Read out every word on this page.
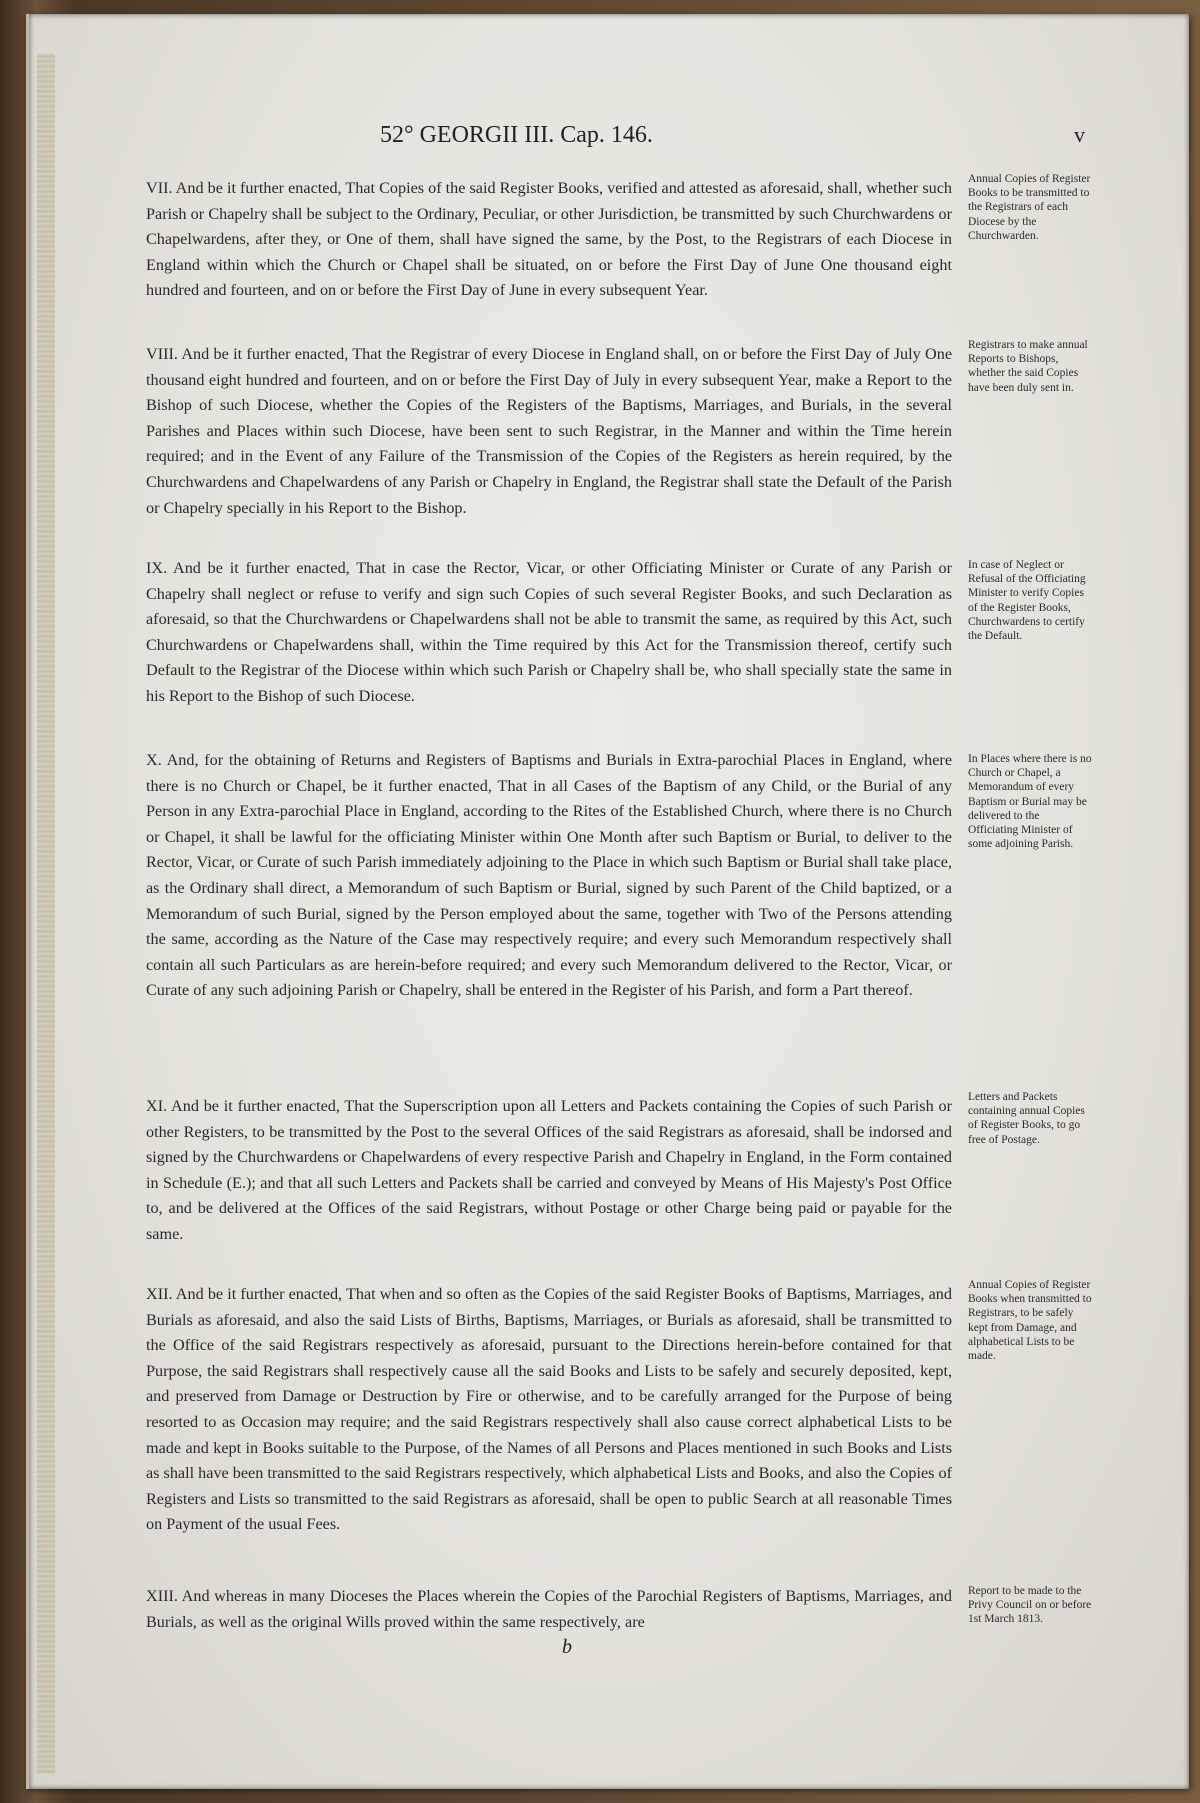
52° GEORGII III. Cap. 146.	v
VII. And be it further enacted, That Copies of the said Register Books, verified and attested as aforesaid, shall, whether such Parish or Chapelry shall be subject to the Ordinary, Peculiar, or other Jurisdiction, be transmitted by such Churchwardens or Chapelwardens, after they, or One of them, shall have signed the same, by the Post, to the Registrars of each Diocese in England within which the Church or Chapel shall be situated, on or before the First Day of June One thousand eight hundred and fourteen, and on or before the First Day of June in every subsequent Year.
Annual Copies of Register Books to be transmitted to the Registrars of each Diocese by the Churchwarden.
VIII. And be it further enacted, That the Registrar of every Diocese in England shall, on or before the First Day of July One thousand eight hundred and fourteen, and on or before the First Day of July in every subsequent Year, make a Report to the Bishop of such Diocese, whether the Copies of the Registers of the Baptisms, Marriages, and Burials, in the several Parishes and Places within such Diocese, have been sent to such Registrar, in the Manner and within the Time herein required; and in the Event of any Failure of the Transmission of the Copies of the Registers as herein required, by the Churchwardens and Chapelwardens of any Parish or Chapelry in England, the Registrar shall state the Default of the Parish or Chapelry specially in his Report to the Bishop.
Registrars to make annual Reports to Bishops, whether the said Copies have been duly sent in.
IX. And be it further enacted, That in case the Rector, Vicar, or other Officiating Minister or Curate of any Parish or Chapelry shall neglect or refuse to verify and sign such Copies of such several Register Books, and such Declaration as aforesaid, so that the Churchwardens or Chapelwardens shall not be able to transmit the same, as required by this Act, such Churchwardens or Chapelwardens shall, within the Time required by this Act for the Transmission thereof, certify such Default to the Registrar of the Diocese within which such Parish or Chapelry shall be, who shall specially state the same in his Report to the Bishop of such Diocese.
In case of Neglect or Refusal of the Officiating Minister to verify Copies of the Register Books, Churchwardens to certify the Default.
X. And, for the obtaining of Returns and Registers of Baptisms and Burials in Extra-parochial Places in England, where there is no Church or Chapel, be it further enacted, That in all Cases of the Baptism of any Child, or the Burial of any Person in any Extra-parochial Place in England, according to the Rites of the Established Church, where there is no Church or Chapel, it shall be lawful for the officiating Minister within One Month after such Baptism or Burial, to deliver to the Rector, Vicar, or Curate of such Parish immediately adjoining to the Place in which such Baptism or Burial shall take place, as the Ordinary shall direct, a Memorandum of such Baptism or Burial, signed by such Parent of the Child baptized, or a Memorandum of such Burial, signed by the Person employed about the same, together with Two of the Persons attending the same, according as the Nature of the Case may respectively require; and every such Memorandum respectively shall contain all such Particulars as are herein-before required; and every such Memorandum delivered to the Rector, Vicar, or Curate of any such adjoining Parish or Chapelry, shall be entered in the Register of his Parish, and form a Part thereof.
In Places where there is no Church or Chapel, a Memorandum of every Baptism or Burial may be delivered to the Officiating Minister of some adjoining Parish.
XI. And be it further enacted, That the Superscription upon all Letters and Packets containing the Copies of such Parish or other Registers, to be transmitted by the Post to the several Offices of the said Registrars as aforesaid, shall be indorsed and signed by the Churchwardens or Chapelwardens of every respective Parish and Chapelry in England, in the Form contained in Schedule (E.); and that all such Letters and Packets shall be carried and conveyed by Means of His Majesty's Post Office to, and be delivered at the Offices of the said Registrars, without Postage or other Charge being paid or payable for the same.
Letters and Packets containing annual Copies of Register Books, to go free of Postage.
XII. And be it further enacted, That when and so often as the Copies of the said Register Books of Baptisms, Marriages, and Burials as aforesaid, and also the said Lists of Births, Baptisms, Marriages, or Burials as aforesaid, shall be transmitted to the Office of the said Registrars respectively as aforesaid, pursuant to the Directions herein-before contained for that Purpose, the said Registrars shall respectively cause all the said Books and Lists to be safely and securely deposited, kept, and preserved from Damage or Destruction by Fire or otherwise, and to be carefully arranged for the Purpose of being resorted to as Occasion may require; and the said Registrars respectively shall also cause correct alphabetical Lists to be made and kept in Books suitable to the Purpose, of the Names of all Persons and Places mentioned in such Books and Lists as shall have been transmitted to the said Registrars respectively, which alphabetical Lists and Books, and also the Copies of Registers and Lists so transmitted to the said Registrars as aforesaid, shall be open to public Search at all reasonable Times on Payment of the usual Fees.
Annual Copies of Register Books when transmitted to Registrars, to be safely kept from Damage, and alphabetical Lists to be made.
XIII. And whereas in many Dioceses the Places wherein the Copies of the Parochial Registers of Baptisms, Marriages, and Burials, as well as the original Wills proved within the same respectively, are
Report to be made to the Privy Council on or before 1st March 1813.
b
